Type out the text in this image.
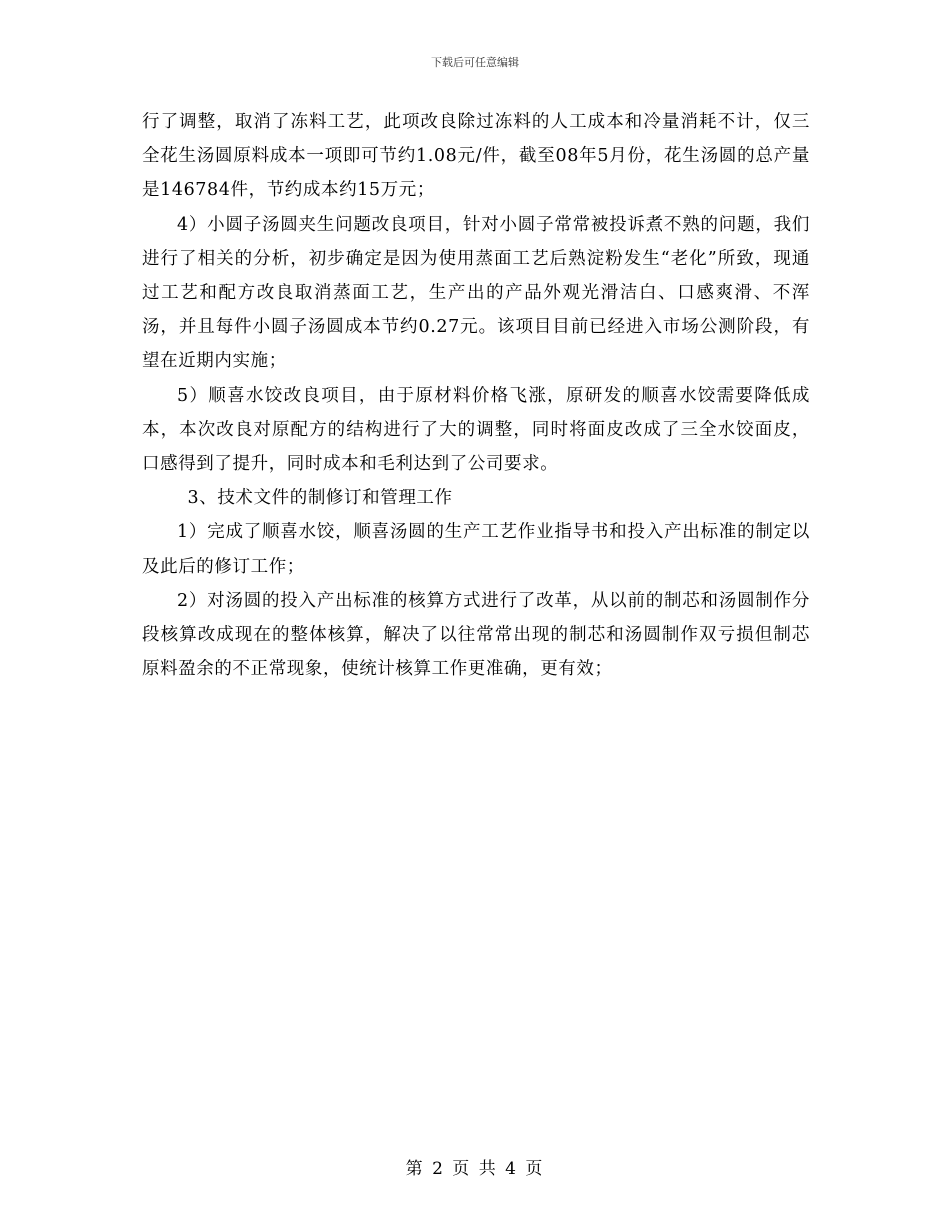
下载后可任意编辑

行了调整，取消了冻料工艺，此项改良除过冻料的人工成本和冷量消耗不计，仅三全花生汤圆原料成本一项即可节约1.08元/件，截至08年5月份，花生汤圆的总产量是146784件，节约成本约15万元；

4）小圆子汤圆夹生问题改良项目，针对小圆子常常被投诉煮不熟的问题，我们进行了相关的分析，初步确定是因为使用蒸面工艺后熟淀粉发生“老化”所致，现通过工艺和配方改良取消蒸面工艺，生产出的产品外观光滑洁白、口感爽滑、不浑汤，并且每件小圆子汤圆成本节约0.27元。该项目目前已经进入市场公测阶段，有望在近期内实施；

5）顺喜水饺改良项目，由于原材料价格飞涨，原研发的顺喜水饺需要降低成本，本次改良对原配方的结构进行了大的调整，同时将面皮改成了三全水饺面皮，口感得到了提升，同时成本和毛利达到了公司要求。

3、技术文件的制修订和管理工作

1）完成了顺喜水饺，顺喜汤圆的生产工艺作业指导书和投入产出标准的制定以及此后的修订工作；

2）对汤圆的投入产出标准的核算方式进行了改革，从以前的制芯和汤圆制作分段核算改成现在的整体核算，解决了以往常常出现的制芯和汤圆制作双亏损但制芯原料盈余的不正常现象，使统计核算工作更准确，更有效；

第 2 页 共 4 页
